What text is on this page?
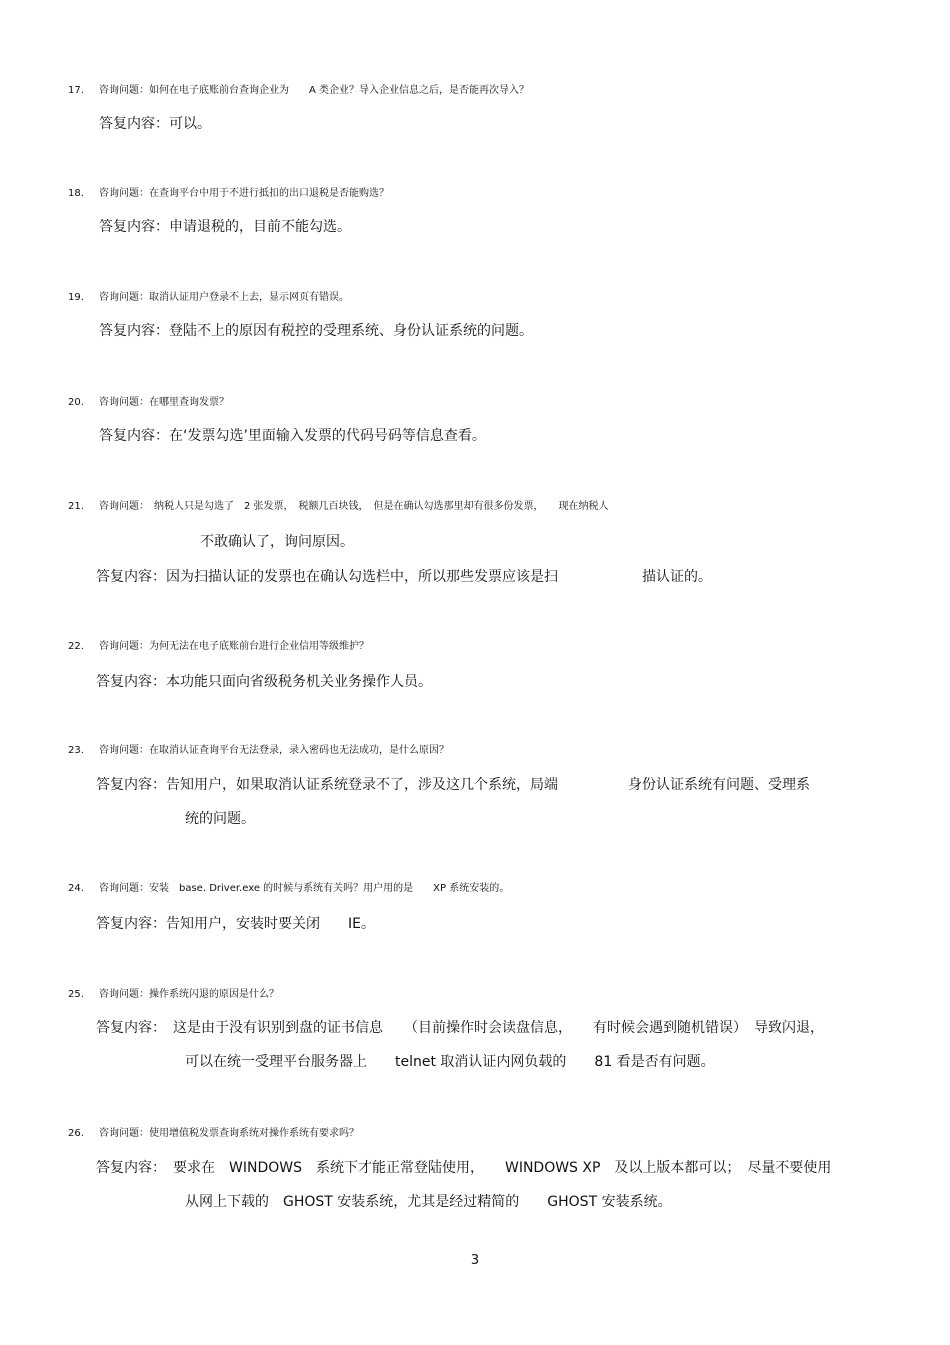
17.	咨询问题：如何在电子底账前台查询企业为　　A 类企业？导入企业信息之后，是否能再次导入？
答复内容：可以。
18.	咨询问题：在查询平台中用于不进行抵扣的出口退税是否能购选？
答复内容：申请退税的，目前不能勾选。
19.	咨询问题：取消认证用户登录不上去，显示网页有错误。
答复内容：登陆不上的原因有税控的受理系统、身份认证系统的问题。
20.	咨询问题：在哪里查询发票？
答复内容：在‘发票勾选’里面输入发票的代码号码等信息查看。
21.	咨询问题：　纳税人只是勾选了　2 张发票，　税额几百块钱，　但是在确认勾选那里却有很多份发票，　　现在纳税人
不敢确认了，询问原因。
答复内容：因为扫描认证的发票也在确认勾选栏中，所以那些发票应该是扫　　　　　　描认证的。
22.	咨询问题：为何无法在电子底账前台进行企业信用等级维护？
答复内容：本功能只面向省级税务机关业务操作人员。
23.	咨询问题：在取消认证查询平台无法登录，录入密码也无法成功，是什么原因？
答复内容：告知用户，如果取消认证系统登录不了，涉及这几个系统，局端　　　　　身份认证系统有问题、受理系
统的问题。
24.	咨询问题：安装　base. Driver.exe 的时候与系统有关吗？用户用的是　　XP 系统安装的。
答复内容：告知用户，安装时要关闭　　IE。
25.	咨询问题：操作系统闪退的原因是什么？
答复内容：　这是由于没有识别到盘的证书信息　　（目前操作时会读盘信息，　　有时候会遇到随机错误）　导致闪退，
可以在统一受理平台服务器上　　telnet 取消认证内网负载的　　81 看是否有问题。
26.	咨询问题：使用增值税发票查询系统对操作系统有要求吗？
答复内容：　要求在　WINDOWS　系统下才能正常登陆使用，　　WINDOWS XP　及以上版本都可以；　尽量不要使用
从网上下载的　GHOST 安装系统，尤其是经过精简的　　GHOST 安装系统。
3
